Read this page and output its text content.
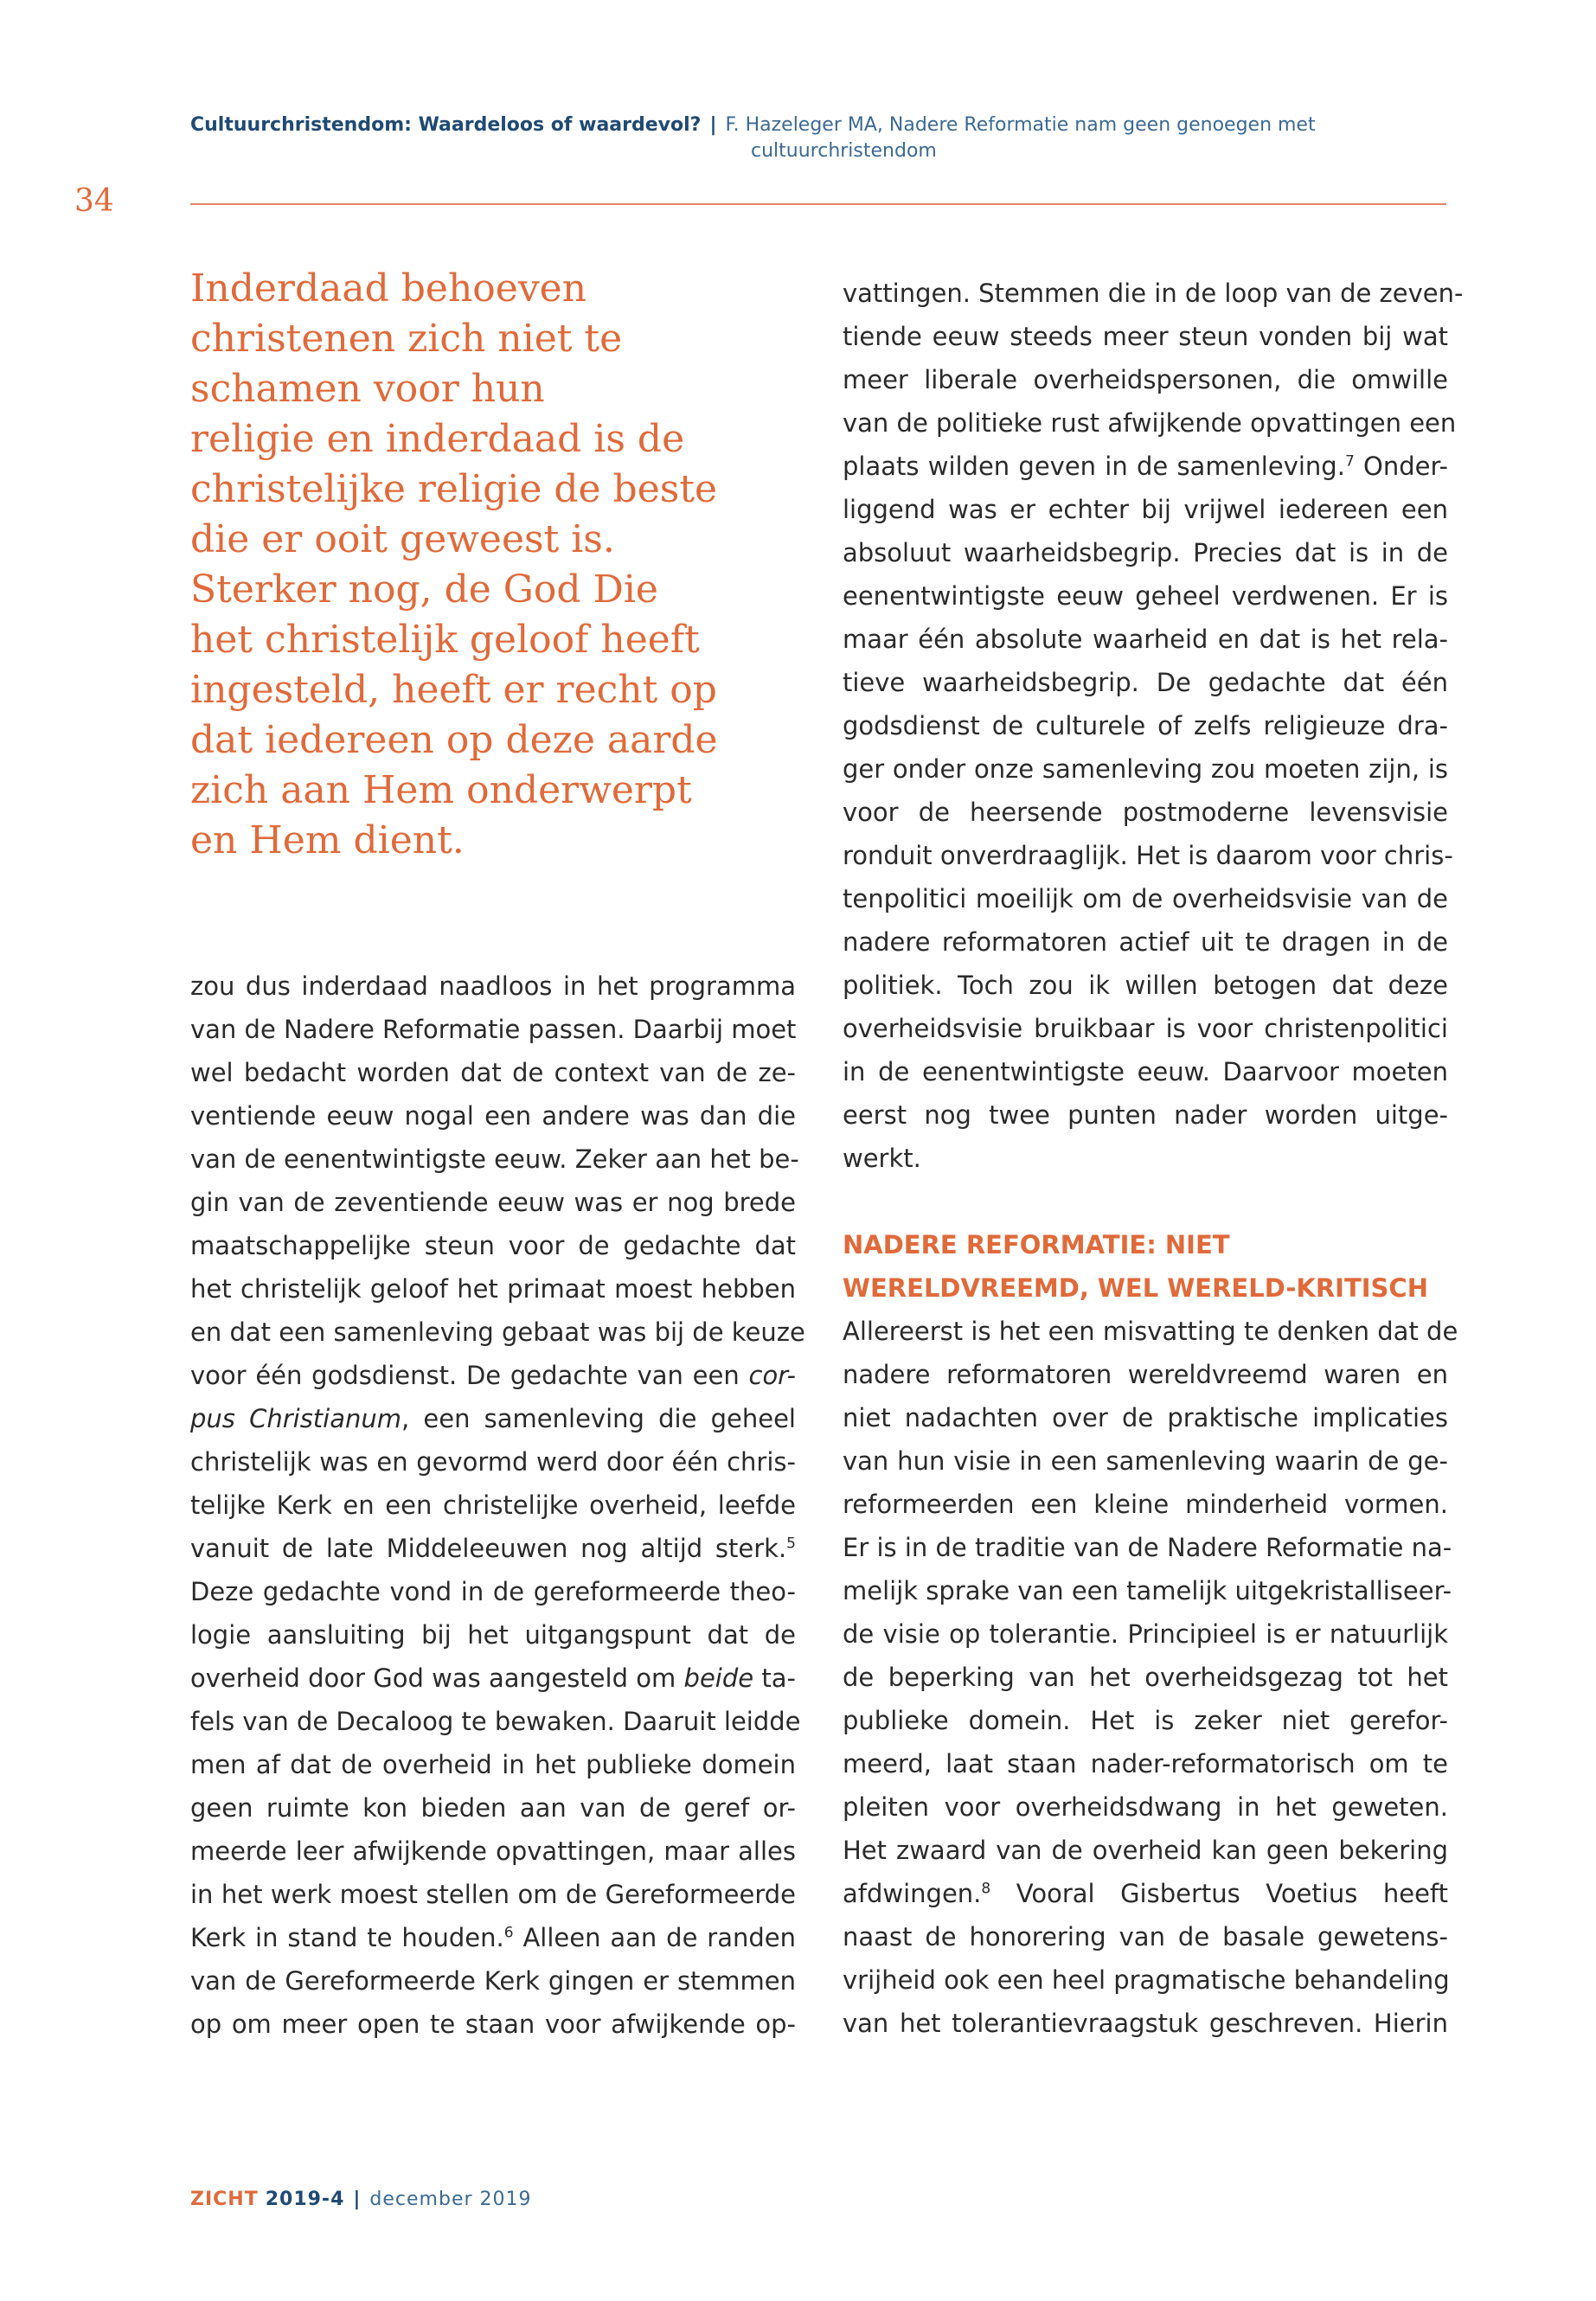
Cultuurchristendom: Waardeloos of waardevol? | F. Hazeleger MA, Nadere Reformatie nam geen genoegen met
cultuurchristendom
34
Inderdaad behoeven
christenen zich niet te
schamen voor hun
religie en inderdaad is de
christelijke religie de beste
die er ooit geweest is.
Sterker nog, de God Die
het christelijk geloof heeft
ingesteld, heeft er recht op
dat iedereen op deze aarde
zich aan Hem onderwerpt
en Hem dient.

zou dus inderdaad naadloos in het programma
van de Nadere Reformatie passen. Daarbij moet
wel bedacht worden dat de context van de ze-
ventiende eeuw nogal een andere was dan die
van de eenentwintigste eeuw. Zeker aan het be-
gin van de zeventiende eeuw was er nog brede
maatschappelijke steun voor de gedachte dat
het christelijk geloof het primaat moest hebben
en dat een samenleving gebaat was bij de keuze
voor één godsdienst. De gedachte van een cor-
pus Christianum, een samenleving die geheel
christelijk was en gevormd werd door één chris-
telijke Kerk en een christelijke overheid, leefde
vanuit de late Middeleeuwen nog altijd sterk.$^5$
Deze gedachte vond in de gereformeerde theo-
logie aansluiting bij het uitgangspunt dat de
overheid door God was aangesteld om beide ta-
fels van de Decaloog te bewaken. Daaruit leidde
men af dat de overheid in het publieke domein
geen ruimte kon bieden aan van de geref or-
meerde leer afwijkende opvattingen, maar alles
in het werk moest stellen om de Gereformeerde
Kerk in stand te houden.$^6$ Alleen aan de randen
van de Gereformeerde Kerk gingen er stemmen
op om meer open te staan voor afwijkende op-

vattingen. Stemmen die in de loop van de zeven-
tiende eeuw steeds meer steun vonden bij wat
meer liberale overheidspersonen, die omwille
van de politieke rust afwijkende opvattingen een
plaats wilden geven in de samenleving.$^7$ Onder-
liggend was er echter bij vrijwel iedereen een
absoluut waarheidsbegrip. Precies dat is in de
eenentwintigste eeuw geheel verdwenen. Er is
maar één absolute waarheid en dat is het rela-
tieve waarheidsbegrip. De gedachte dat één
godsdienst de culturele of zelfs religieuze dra-
ger onder onze samenleving zou moeten zijn, is
voor de heersende postmoderne levensvisie
ronduit onverdraaglijk. Het is daarom voor chris-
tenpolitici moeilijk om de overheidsvisie van de
nadere reformatoren actief uit te dragen in de
politiek. Toch zou ik willen betogen dat deze
overheidsvisie bruikbaar is voor christenpolitici
in de eenentwintigste eeuw. Daarvoor moeten
eerst nog twee punten nader worden uitge-
werkt.

NADERE REFORMATIE: NIET
WERELDVREEMD, WEL WERELD-KRITISCH

Allereerst is het een misvatting te denken dat de
nadere reformatoren wereldvreemd waren en
niet nadachten over de praktische implicaties
van hun visie in een samenleving waarin de ge-
reformeerden een kleine minderheid vormen.
Er is in de traditie van de Nadere Reformatie na-
melijk sprake van een tamelijk uitgekristalliseer-
de visie op tolerantie. Principieel is er natuurlijk
de beperking van het overheidsgezag tot het
publieke domein. Het is zeker niet gerefor-
meerd, laat staan nader-reformatorisch om te
pleiten voor overheidsdwang in het geweten.
Het zwaard van de overheid kan geen bekering
afdwingen.$^8$ Vooral Gisbertus Voetius heeft
naast de honorering van de basale gewetens-
vrijheid ook een heel pragmatische behandeling
van het tolerantievraagstuk geschreven. Hierin

ZICHT 2019-4 | december 2019
